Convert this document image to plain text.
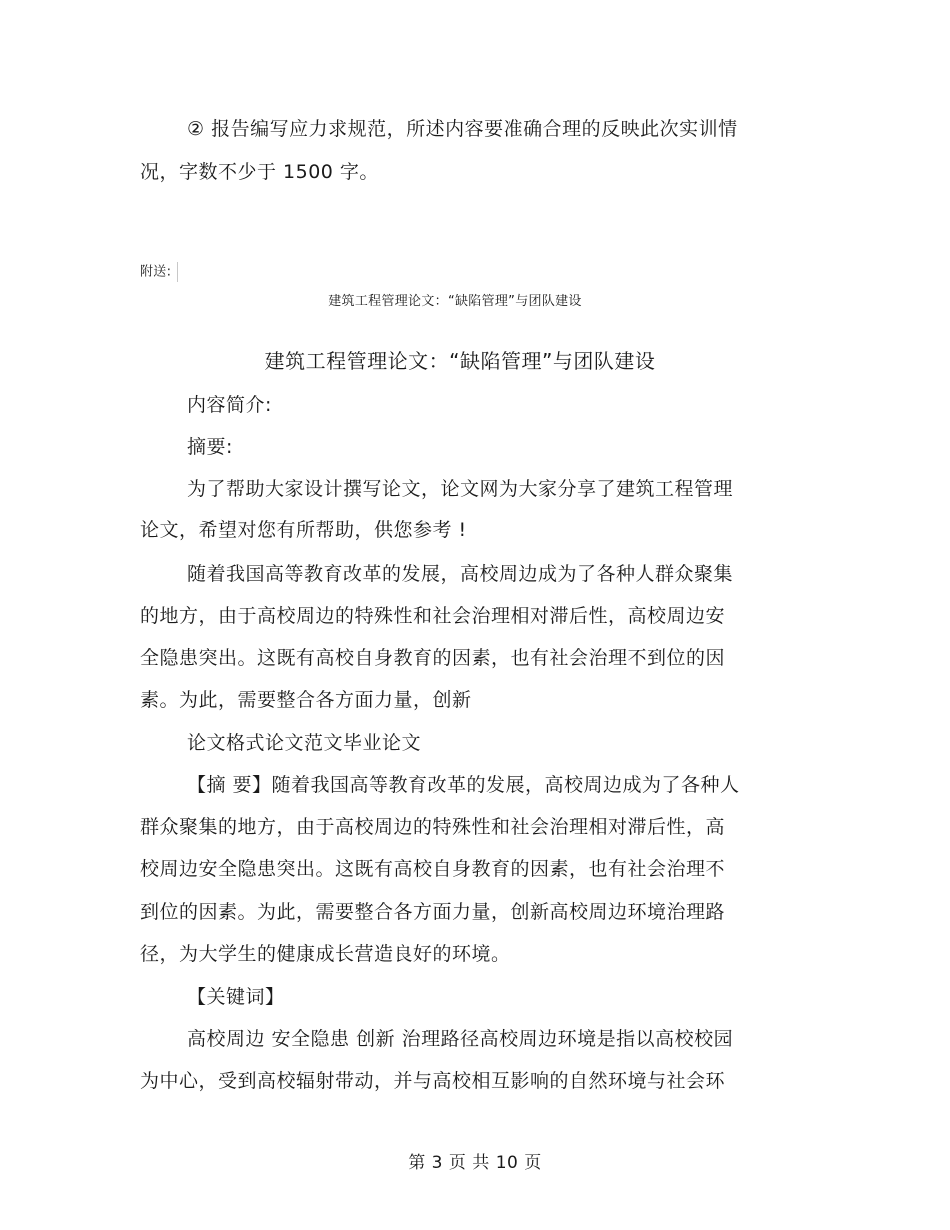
② 报告编写应力求规范，所述内容要准确合理的反映此次实训情
况，字数不少于 1500 字。
附送:
建筑工程管理论文：“缺陷管理”与团队建设
建筑工程管理论文：“缺陷管理”与团队建设
内容简介:
摘要:
为了帮助大家设计撰写论文，论文网为大家分享了建筑工程管理
论文，希望对您有所帮助，供您参考 !
随着我国高等教育改革的发展，高校周边成为了各种人群众聚集
的地方，由于高校周边的特殊性和社会治理相对滞后性，高校周边安
全隐患突出。这既有高校自身教育的因素，也有社会治理不到位的因
素。为此，需要整合各方面力量，创新
论文格式论文范文毕业论文
【摘 要】随着我国高等教育改革的发展，高校周边成为了各种人
群众聚集的地方，由于高校周边的特殊性和社会治理相对滞后性，高
校周边安全隐患突出。这既有高校自身教育的因素，也有社会治理不
到位的因素。为此，需要整合各方面力量，创新高校周边环境治理路
径，为大学生的健康成长营造良好的环境。
【关键词】
高校周边 安全隐患 创新 治理路径高校周边环境是指以高校校园
为中心，受到高校辐射带动，并与高校相互影响的自然环境与社会环
第 3 页 共 10 页
